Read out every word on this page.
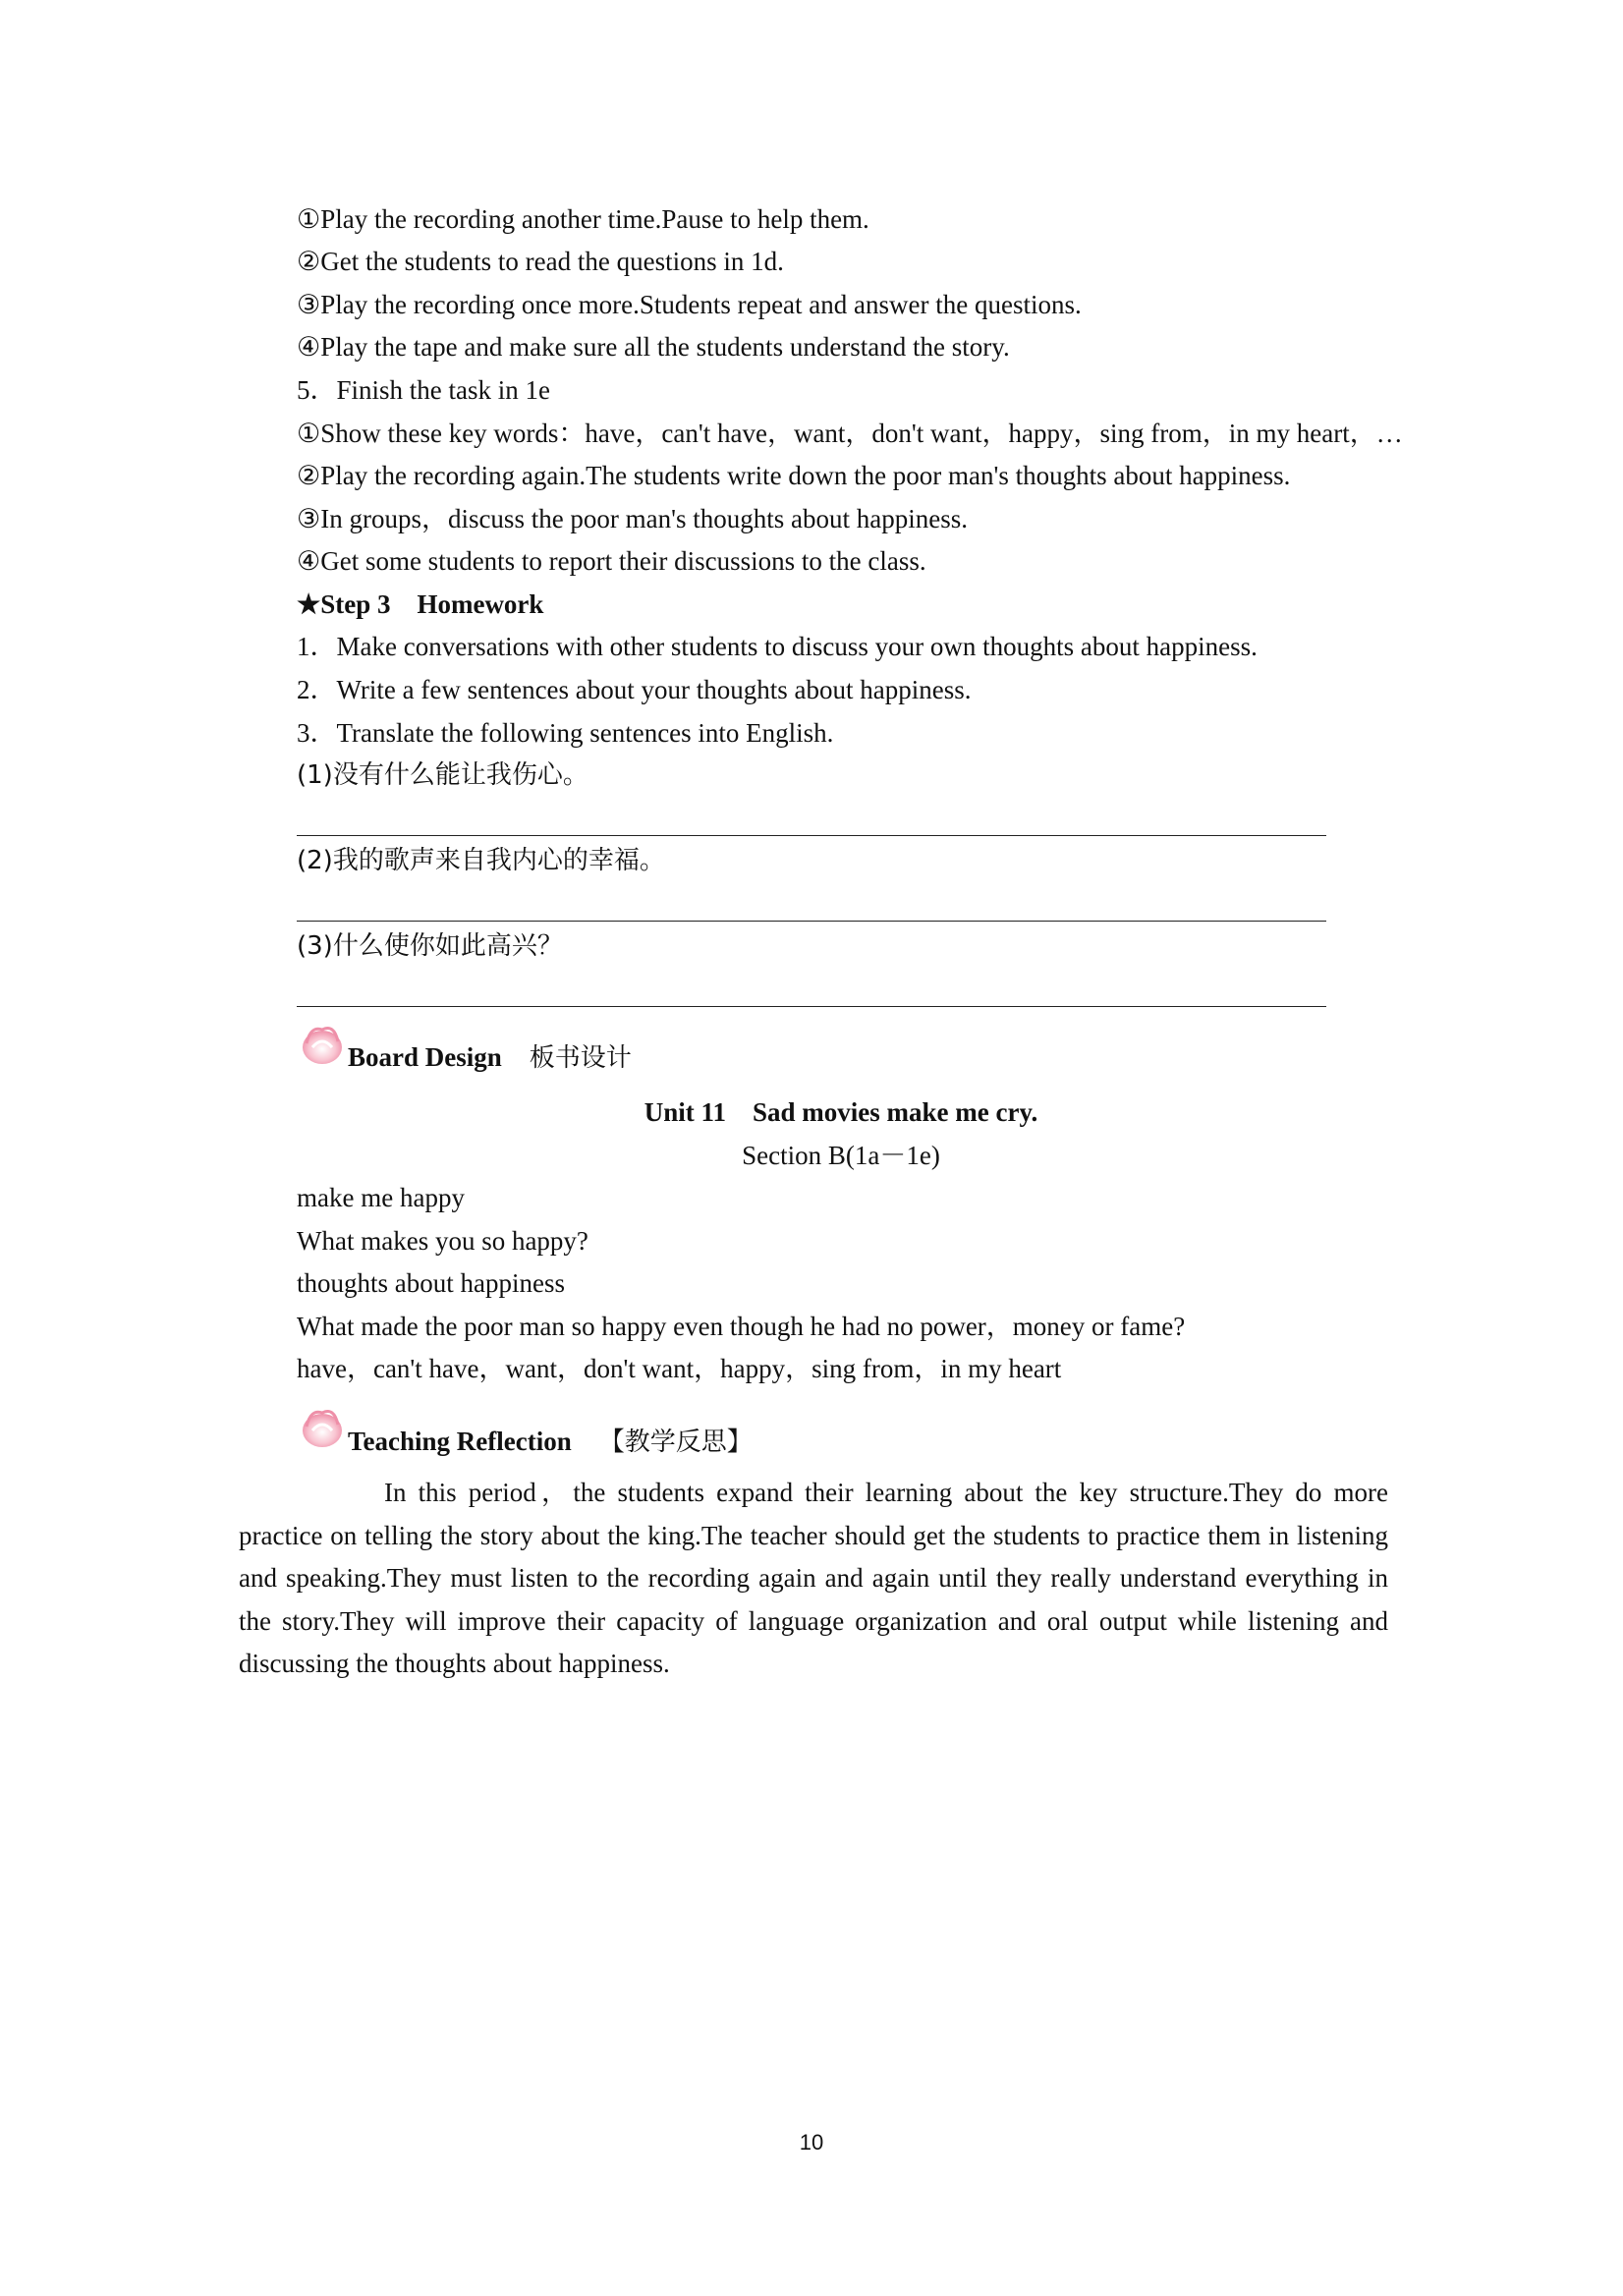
①Play the recording another time.Pause to help them.
②Get the students to read the questions in 1d.
③Play the recording once more.Students repeat and answer the questions.
④Play the tape and make sure all the students understand the story.
5．Finish the task in 1e
①Show these key words：have，can't have，want，don't want，happy，sing from，in my heart，…
②Play the recording again.The students write down the poor man's thoughts about happiness.
③In groups，discuss the poor man's thoughts about happiness.
④Get some students to report their discussions to the class.
★Step 3　Homework
1．Make conversations with other students to discuss your own thoughts about happiness.
2．Write a few sentences about your thoughts about happiness.
3．Translate the following sentences into English.
(1)没有什么能让我伤心。
(2)我的歌声来自我内心的幸福。
(3)什么使你如此高兴？
Board Design 板书设计
Unit 11　Sad movies make me cry.
Section B(1a－1e)
make me happy
What makes you so happy?
thoughts about happiness
What made the poor man so happy even though he had no power，money or fame?
have，can't have，want，don't want，happy，sing from，in my heart
Teaching Reflection 【教学反思】
In this period，the students expand their learning about the key structure.They do more practice on telling the story about the king.The teacher should get the students to practice them in listening and speaking.They must listen to the recording again and again until they really understand everything in the story.They will improve their capacity of language organization and oral output while listening and discussing the thoughts about happiness.
10
